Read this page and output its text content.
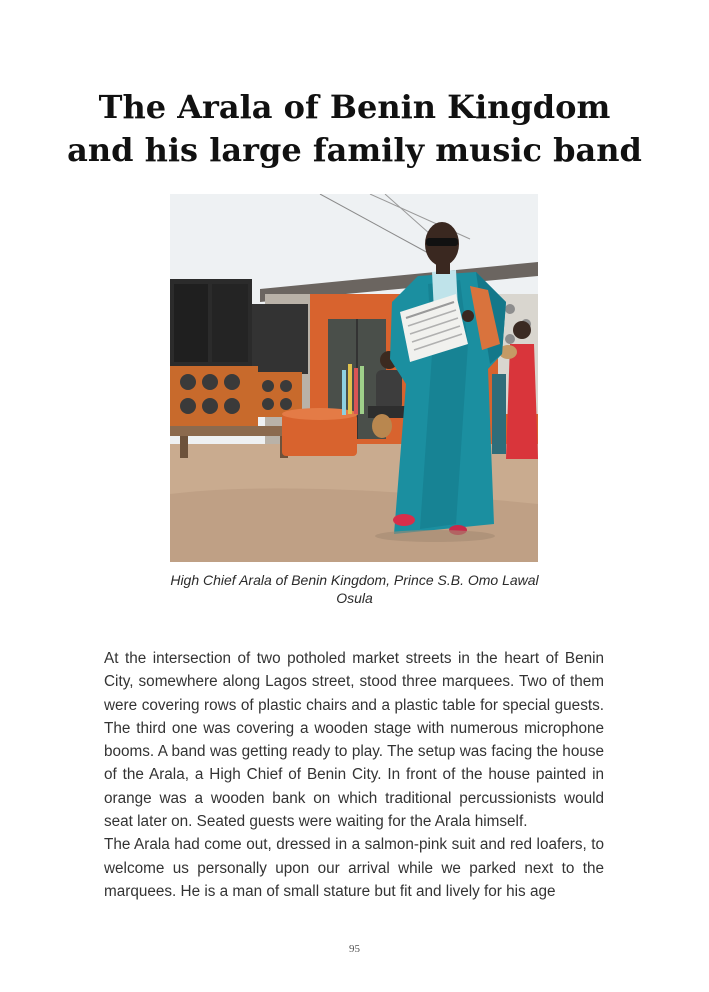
The Arala of Benin Kingdom
and his large family music band
High Chief Arala of Benin Kingdom, Prince S.B. Omo Lawal
Osula

At the intersection of two potholed market streets in the heart of Benin City, somewhere along Lagos street, stood three marquees. Two of them were covering rows of plastic chairs and a plastic table for special guests. The third one was covering a wooden stage with numerous microphone booms. A band was getting ready to play. The setup was facing the house of the Arala, a High Chief of Benin City. In front of the house painted in orange was a wooden bank on which traditional percussionists would seat later on. Seated guests were waiting for the Arala himself.

The Arala had come out, dressed in a salmon-pink suit and red loafers, to welcome us personally upon our arrival while we parked next to the marquees. He is a man of small stature but fit and lively for his age

95
